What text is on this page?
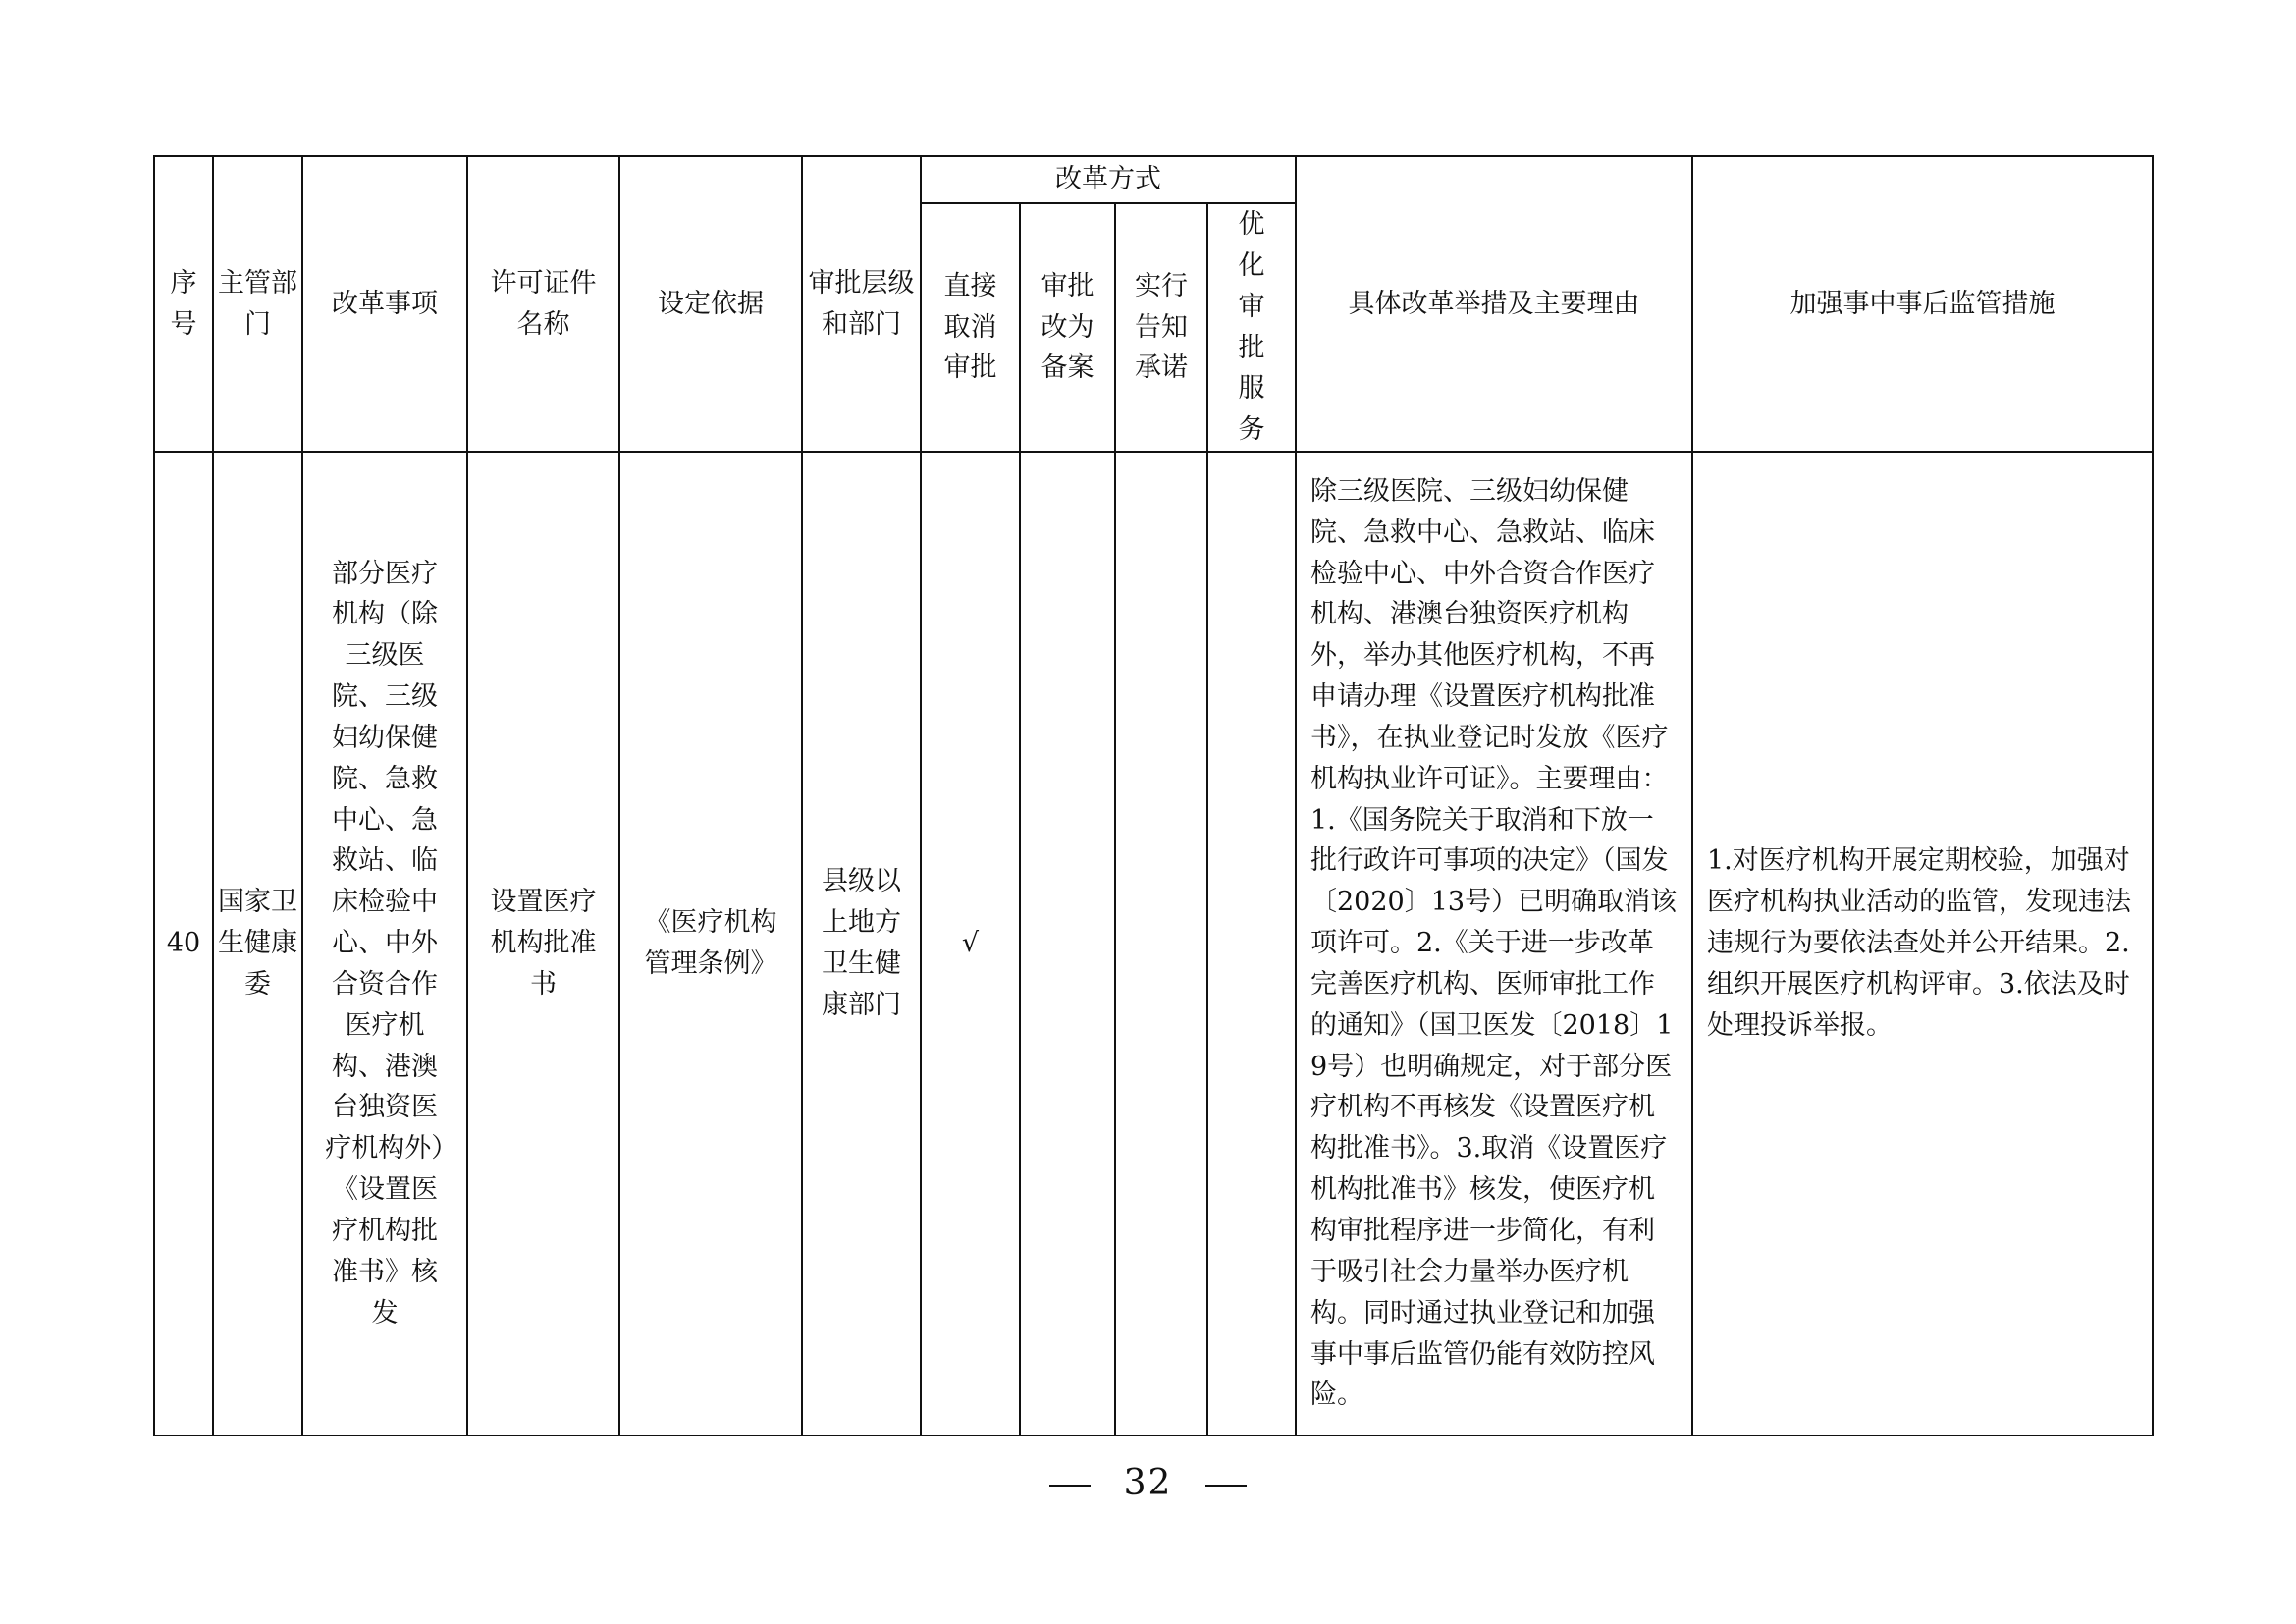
序号	主管部门	改革事项	许可证件名称	设定依据	审批层级和部门	改革方式				具体改革举措及主要理由	加强事中事后监管措施
						直接取消审批	审批改为备案	实行告知承诺	优化审批服务		
40	国家卫生健康委	部分医疗机构（除三级医院、三级妇幼保健院、急救中心、急救站、临床检验中心、中外合资合作医疗机构、港澳台独资医疗机构外）《设置医疗机构批准书》核发	设置医疗机构批准书	《医疗机构管理条例》	县级以上地方卫生健康部门	√				除三级医院、三级妇幼保健院、急救中心、急救站、临床检验中心、中外合资合作医疗机构、港澳台独资医疗机构外，举办其他医疗机构，不再申请办理《设置医疗机构批准书》，在执业登记时发放《医疗机构执业许可证》。主要理由：1.《国务院关于取消和下放一批行政许可事项的决定》（国发〔2020〕13号）已明确取消该项许可。2.《关于进一步改革完善医疗机构、医师审批工作的通知》（国卫医发〔2018〕19号）也明确规定，对于部分医疗机构不再核发《设置医疗机构批准书》。3.取消《设置医疗机构批准书》核发，使医疗机构审批程序进一步简化，有利于吸引社会力量举办医疗机构。同时通过执业登记和加强事中事后监管仍能有效防控风险。	1.对医疗机构开展定期校验，加强对医疗机构执业活动的监管，发现违法违规行为要依法查处并公开结果。2.组织开展医疗机构评审。3.依法及时处理投诉举报。
32
